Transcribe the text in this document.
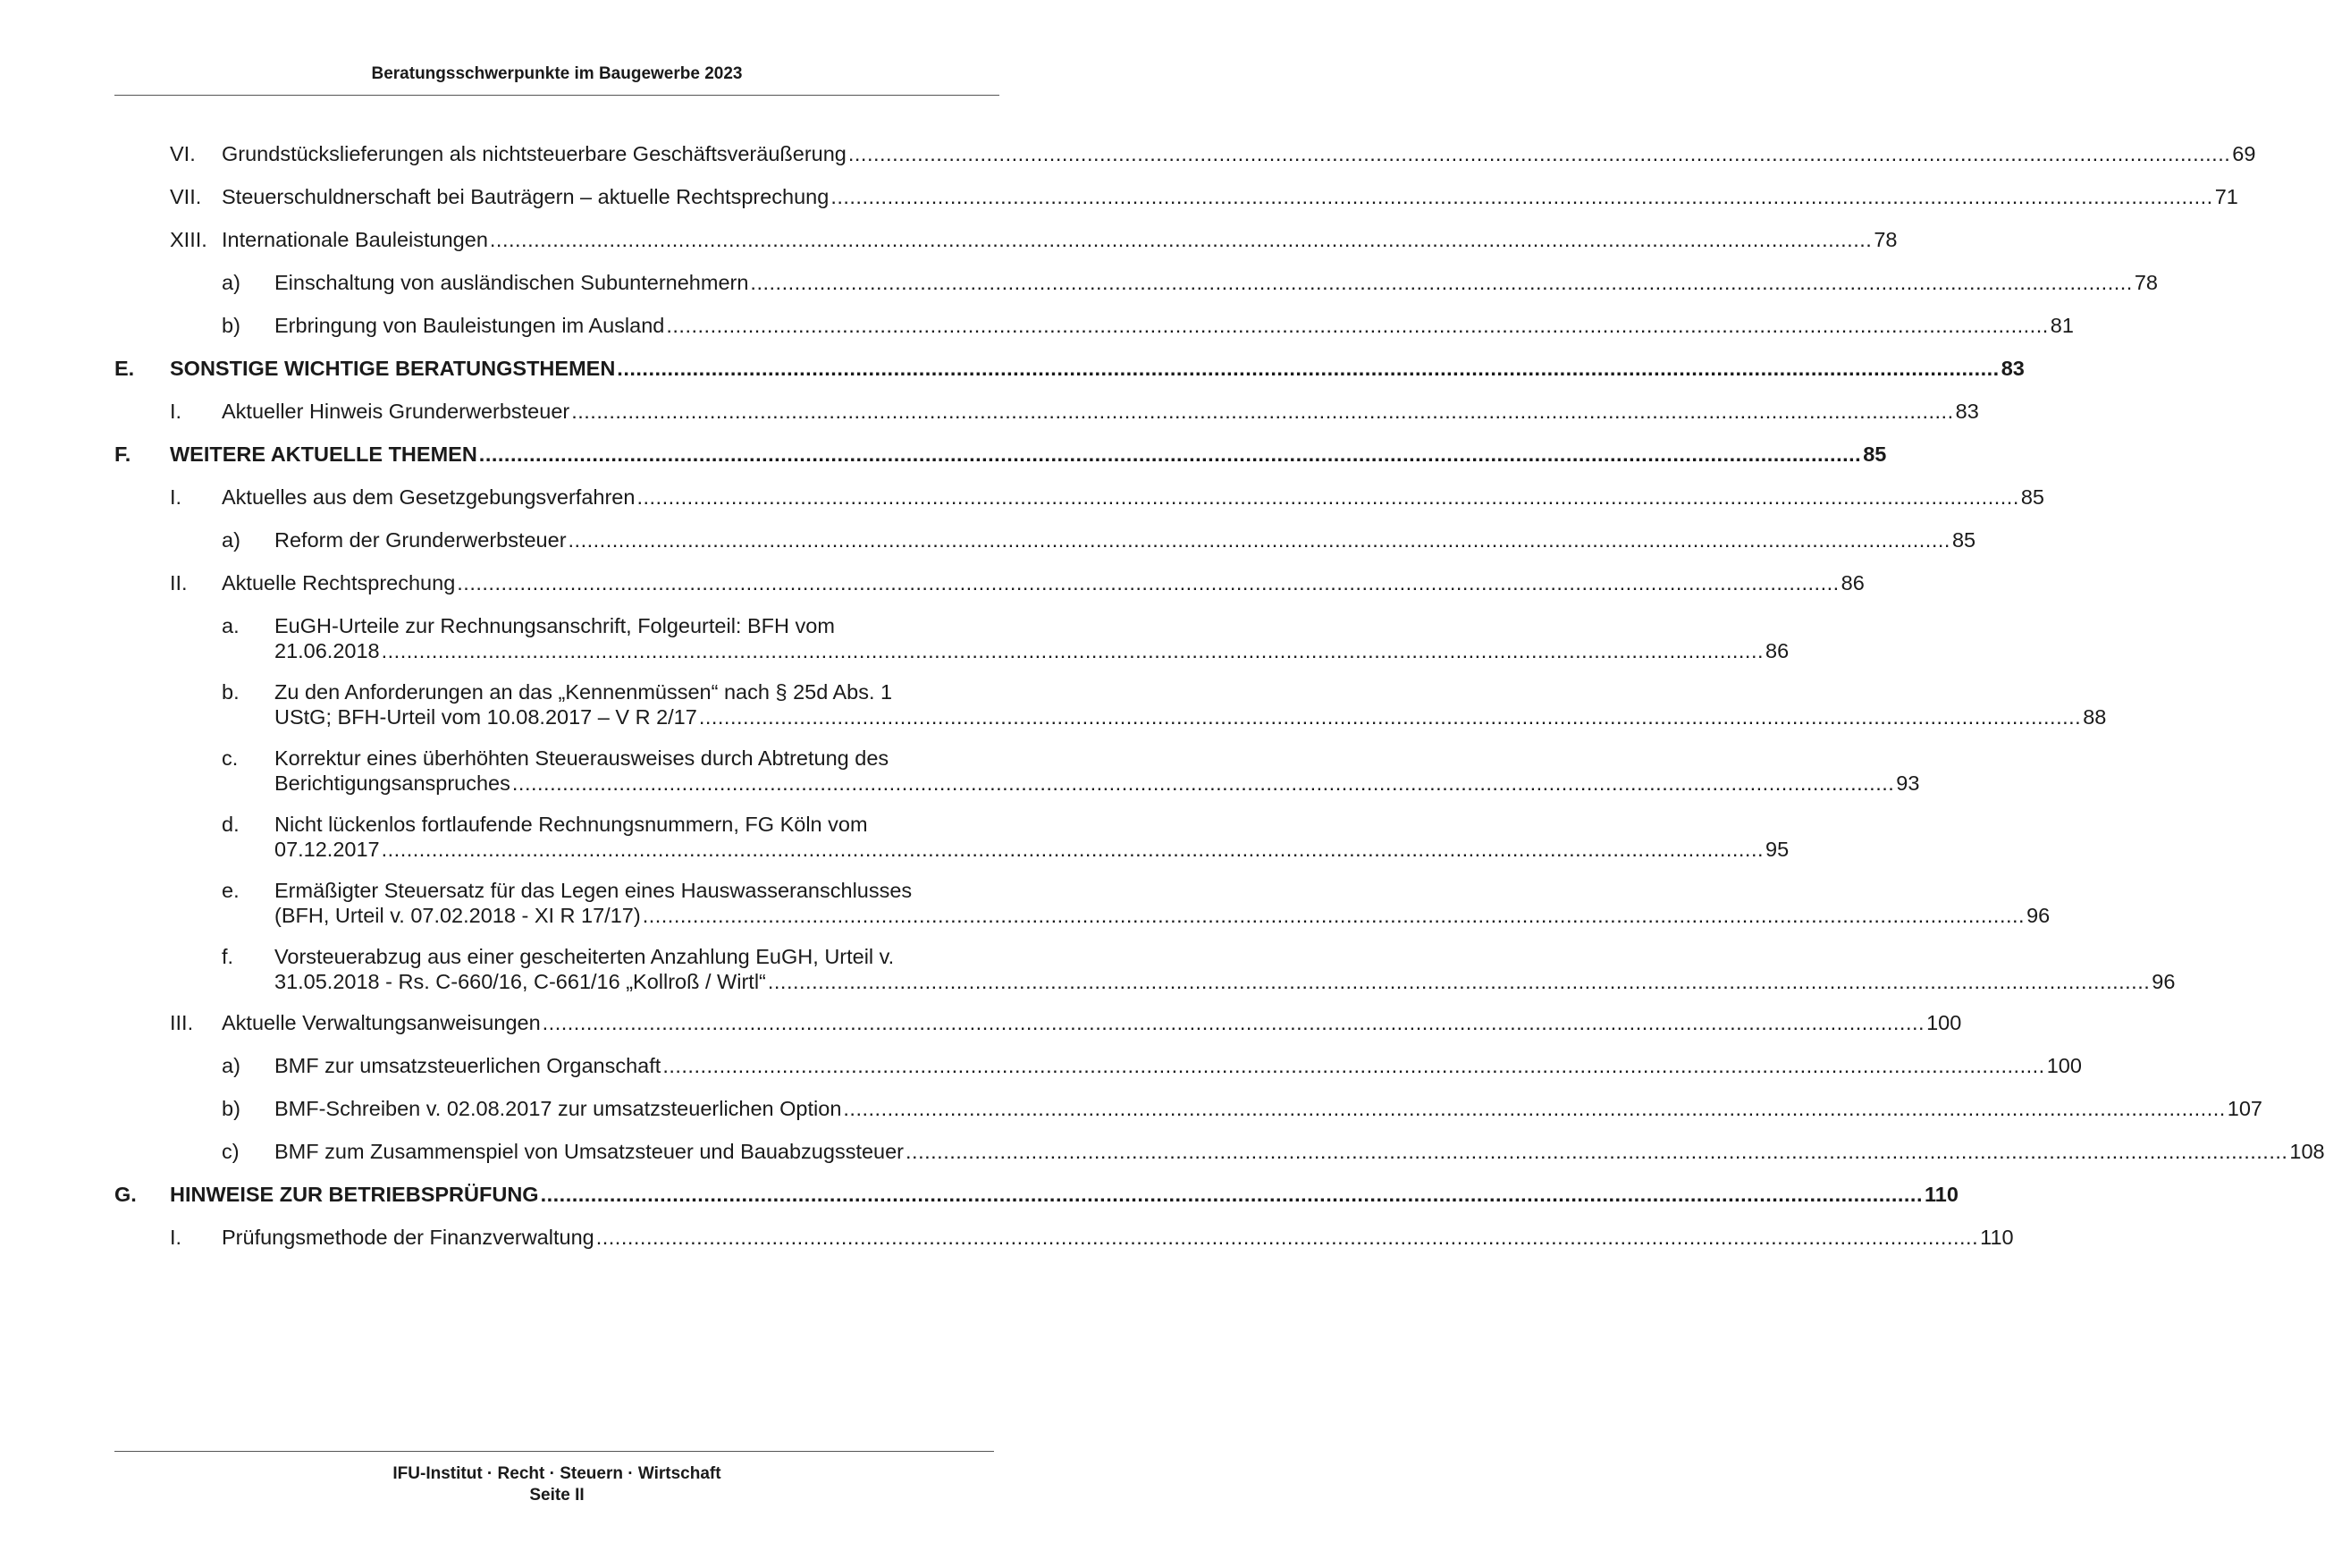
Beratungsschwerpunkte im Baugewerbe 2023
VI. Grundstückslieferungen als nichtsteuerbare Geschäftsveräußerung ............................................................................................................................................................................................................................ 69
VII. Steuerschuldnerschaft bei Bauträgern – aktuelle Rechtsprechung ............................................................................................................................................................................................................................ 71
XIII. Internationale Bauleistungen ............................................................................................................................................................................................................................ 78
a) Einschaltung von ausländischen Subunternehmern ............................................................................................................................................................................................................................ 78
b) Erbringung von Bauleistungen im Ausland ............................................................................................................................................................................................................................ 81
E. SONSTIGE WICHTIGE BERATUNGSTHEMEN ............................................................................................................................................................................................................................ 83
I. Aktueller Hinweis Grunderwerbsteuer ............................................................................................................................................................................................................................ 83
F. WEITERE AKTUELLE THEMEN ............................................................................................................................................................................................................................ 85
I. Aktuelles aus dem Gesetzgebungsverfahren ............................................................................................................................................................................................................................ 85
a) Reform der Grunderwerbsteuer ............................................................................................................................................................................................................................ 85
II. Aktuelle Rechtsprechung ............................................................................................................................................................................................................................ 86
a. EuGH-Urteile zur Rechnungsanschrift, Folgeurteil: BFH vom
21.06.2018 ............................................................................................................................................................................................................................ 86
b. Zu den Anforderungen an das „Kennenmüssen“ nach § 25d Abs. 1
UStG; BFH-Urteil vom 10.08.2017 – V R 2/17 ............................................................................................................................................................................................................................ 88
c. Korrektur eines überhöhten Steuerausweises durch Abtretung des
Berichtigungsanspruches ............................................................................................................................................................................................................................ 93
d. Nicht lückenlos fortlaufende Rechnungsnummern, FG Köln vom
07.12.2017 ............................................................................................................................................................................................................................ 95
e. Ermäßigter Steuersatz für das Legen eines Hauswasseranschlusses
(BFH, Urteil v. 07.02.2018 - XI R 17/17) ............................................................................................................................................................................................................................ 96
f. Vorsteuerabzug aus einer gescheiterten Anzahlung EuGH, Urteil v.
31.05.2018 - Rs. C-660/16, C-661/16 „Kollroß / Wirtl“ ............................................................................................................................................................................................................................ 96
III. Aktuelle Verwaltungsanweisungen ............................................................................................................................................................................................................................ 100
a) BMF zur umsatzsteuerlichen Organschaft ............................................................................................................................................................................................................................ 100
b) BMF-Schreiben v. 02.08.2017 zur umsatzsteuerlichen Option ............................................................................................................................................................................................................................ 107
c) BMF zum Zusammenspiel von Umsatzsteuer und Bauabzugssteuer ............................................................................................................................................................................................................................ 108
G. HINWEISE ZUR BETRIEBSPRÜFUNG ............................................................................................................................................................................................................................ 110
I. Prüfungsmethode der Finanzverwaltung ............................................................................................................................................................................................................................ 110
IFU-Institut · Recht · Steuern · Wirtschaft
Seite II
